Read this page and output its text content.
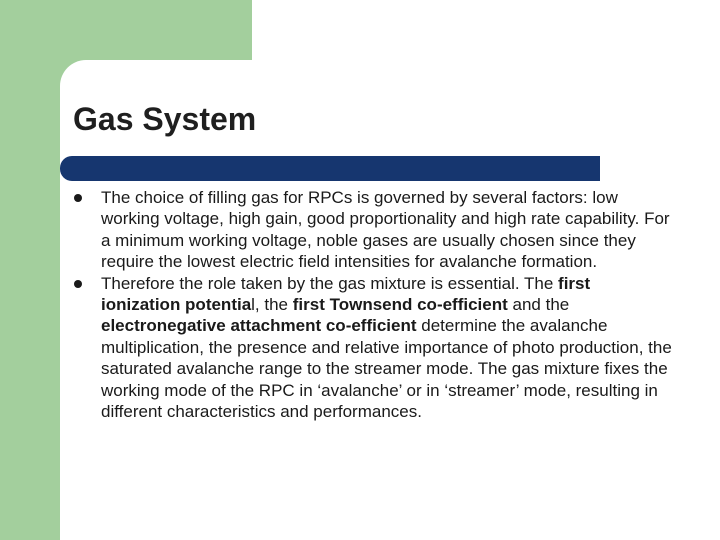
Gas System
The choice of filling gas for RPCs is governed by several factors: low working voltage, high gain, good proportionality and high rate capability. For a minimum working voltage, noble gases are usually chosen since they require the lowest electric field intensities for avalanche formation.
Therefore the role taken by the gas mixture is essential. The first ionization potential, the first Townsend co-efficient and the electronegative attachment co-efficient determine the avalanche multiplication, the presence and relative importance of photo production, the saturated avalanche range to the streamer mode. The gas mixture fixes the working mode of the RPC in ‘avalanche’ or in ‘streamer’ mode, resulting in different characteristics and performances.
